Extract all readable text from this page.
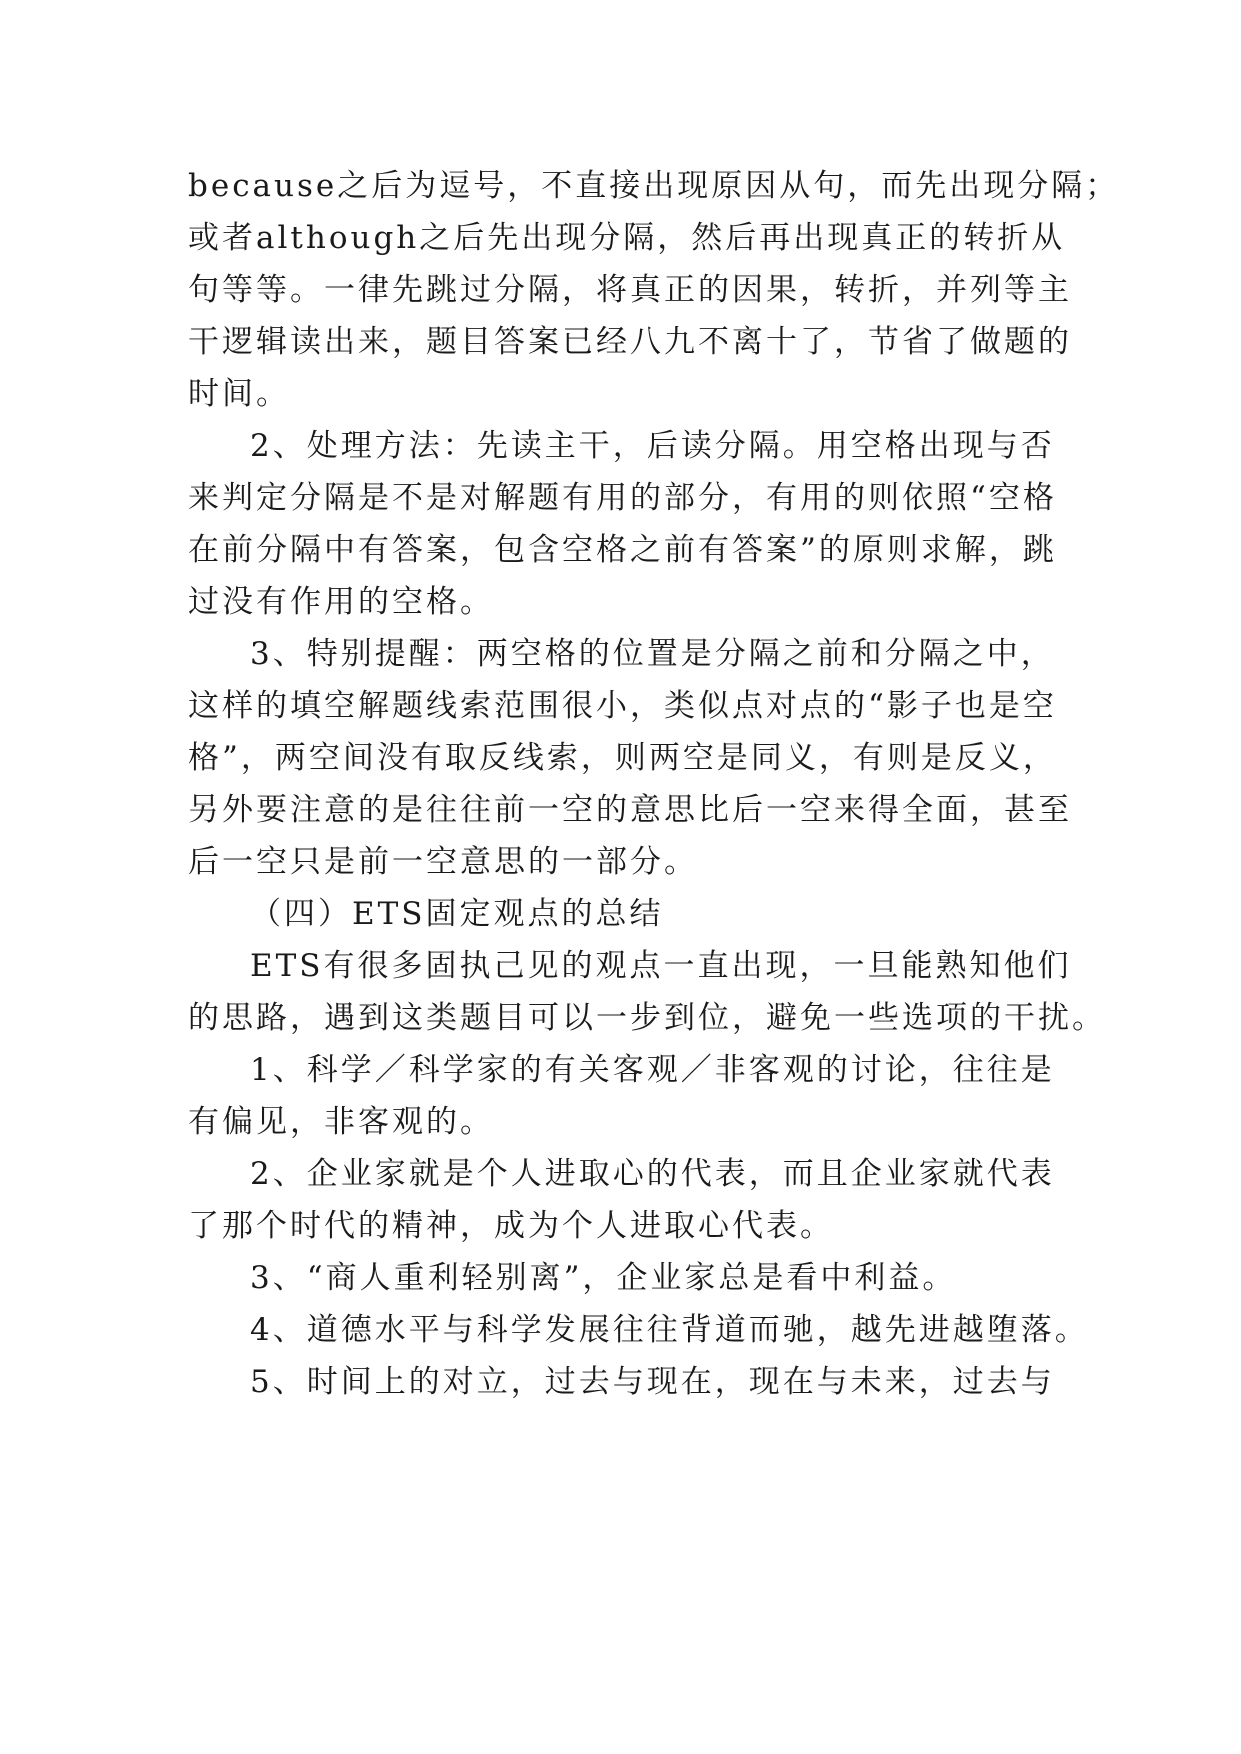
because之后为逗号，不直接出现原因从句，而先出现分隔；
或者although之后先出现分隔，然后再出现真正的转折从
句等等。一律先跳过分隔，将真正的因果，转折，并列等主
干逻辑读出来，题目答案已经八九不离十了，节省了做题的
时间。
2、处理方法：先读主干，后读分隔。用空格出现与否
来判定分隔是不是对解题有用的部分，有用的则依照“空格
在前分隔中有答案，包含空格之前有答案”的原则求解，跳
过没有作用的空格。
3、特别提醒：两空格的位置是分隔之前和分隔之中，
这样的填空解题线索范围很小，类似点对点的“影子也是空
格”，两空间没有取反线索，则两空是同义，有则是反义，
另外要注意的是往往前一空的意思比后一空来得全面，甚至
后一空只是前一空意思的一部分。
（四）ETS固定观点的总结
ETS有很多固执己见的观点一直出现，一旦能熟知他们
的思路，遇到这类题目可以一步到位，避免一些选项的干扰。
1、科学／科学家的有关客观／非客观的讨论，往往是
有偏见，非客观的。
2、企业家就是个人进取心的代表，而且企业家就代表
了那个时代的精神，成为个人进取心代表。
3、“商人重利轻别离”，企业家总是看中利益。
4、道德水平与科学发展往往背道而驰，越先进越堕落。
5、时间上的对立，过去与现在，现在与未来，过去与
